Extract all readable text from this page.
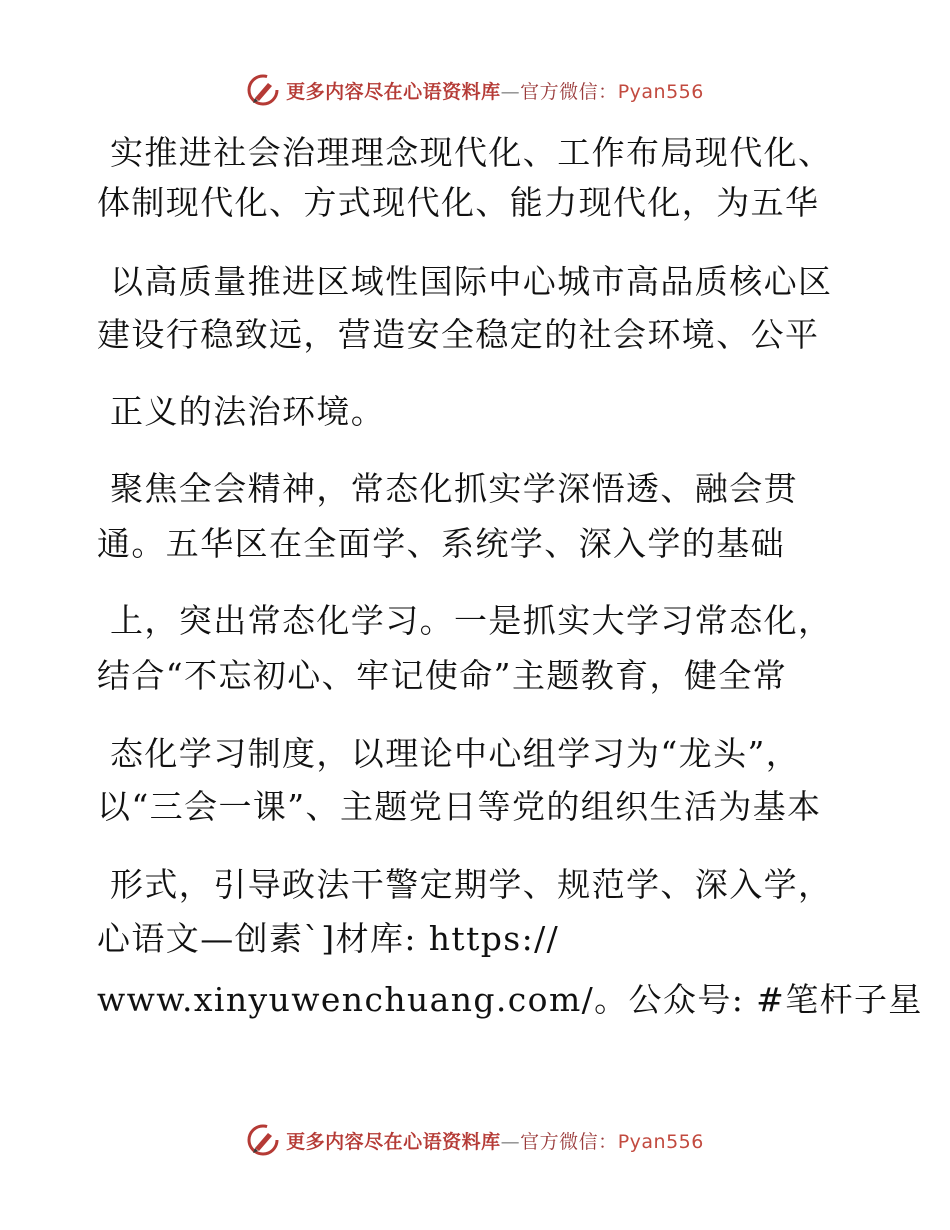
更多内容尽在心语资料库—官方微信：Pyan556
实推进社会治理理念现代化、工作布局现代化、
体制现代化、方式现代化、能力现代化，为五华
以高质量推进区域性国际中心城市高品质核心区
建设行稳致远，营造安全稳定的社会环境、公平
正义的法治环境。
聚焦全会精神，常态化抓实学深悟透、融会贯
通。五华区在全面学、系统学、深入学的基础
上，突出常态化学习。一是抓实大学习常态化，
结合“不忘初心、牢记使命”主题教育，健全常
态化学习制度，以理论中心组学习为“龙头”，
以“三会一课”、主题党日等党的组织生活为基本
形式，引导政法干警定期学、规范学、深入学，
心语文—创素`]材库: https://
www.xinyuwenchuang.com/。公众号: #笔杆子星
更多内容尽在心语资料库—官方微信：Pyan556
